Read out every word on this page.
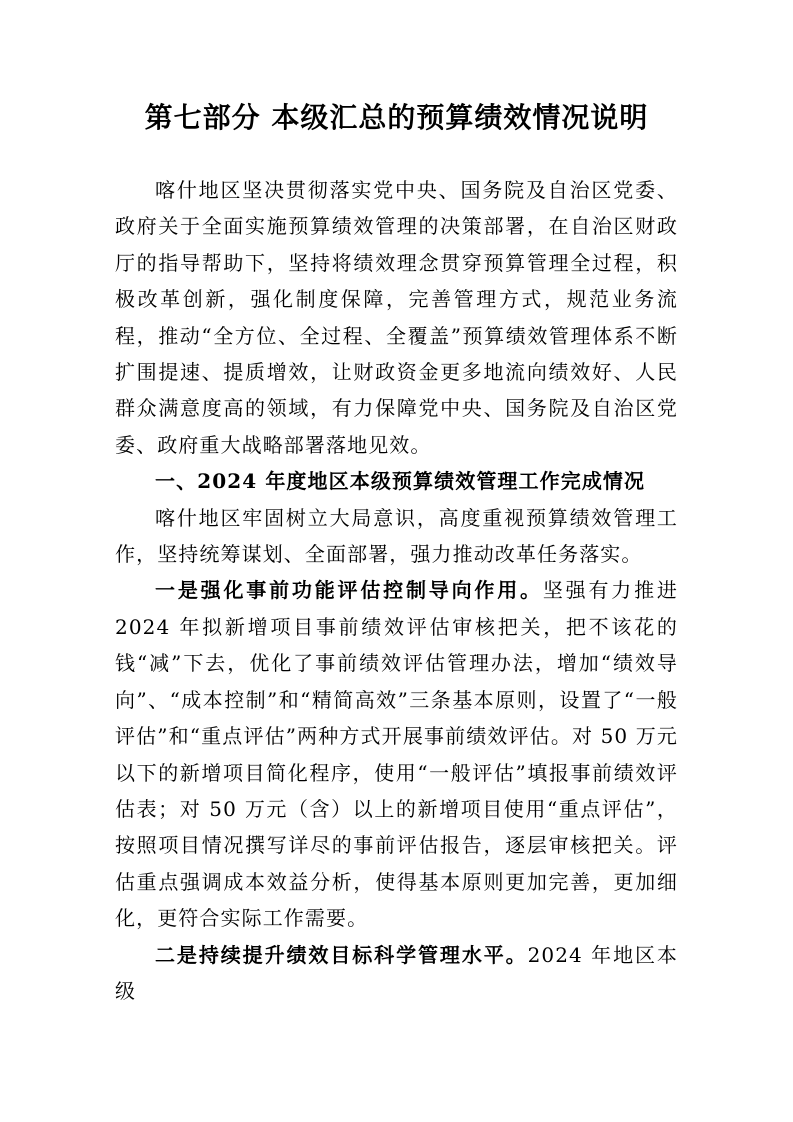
第七部分 本级汇总的预算绩效情况说明

喀什地区坚决贯彻落实党中央、国务院及自治区党委、政府关于全面实施预算绩效管理的决策部署，在自治区财政厅的指导帮助下，坚持将绩效理念贯穿预算管理全过程，积极改革创新，强化制度保障，完善管理方式，规范业务流程，推动“全方位、全过程、全覆盖”预算绩效管理体系不断扩围提速、提质增效，让财政资金更多地流向绩效好、人民群众满意度高的领域，有力保障党中央、国务院及自治区党委、政府重大战略部署落地见效。

一、2024 年度地区本级预算绩效管理工作完成情况

喀什地区牢固树立大局意识，高度重视预算绩效管理工作，坚持统筹谋划、全面部署，强力推动改革任务落实。

一是强化事前功能评估控制导向作用。坚强有力推进 2024 年拟新增项目事前绩效评估审核把关，把不该花的钱“减”下去，优化了事前绩效评估管理办法，增加“绩效导向”、“成本控制”和“精简高效”三条基本原则，设置了“一般评估”和“重点评估”两种方式开展事前绩效评估。对 50 万元以下的新增项目简化程序，使用“一般评估”填报事前绩效评估表；对 50 万元（含）以上的新增项目使用“重点评估”，按照项目情况撰写详尽的事前评估报告，逐层审核把关。评估重点强调成本效益分析，使得基本原则更加完善，更加细化，更符合实际工作需要。

二是持续提升绩效目标科学管理水平。2024 年地区本级
